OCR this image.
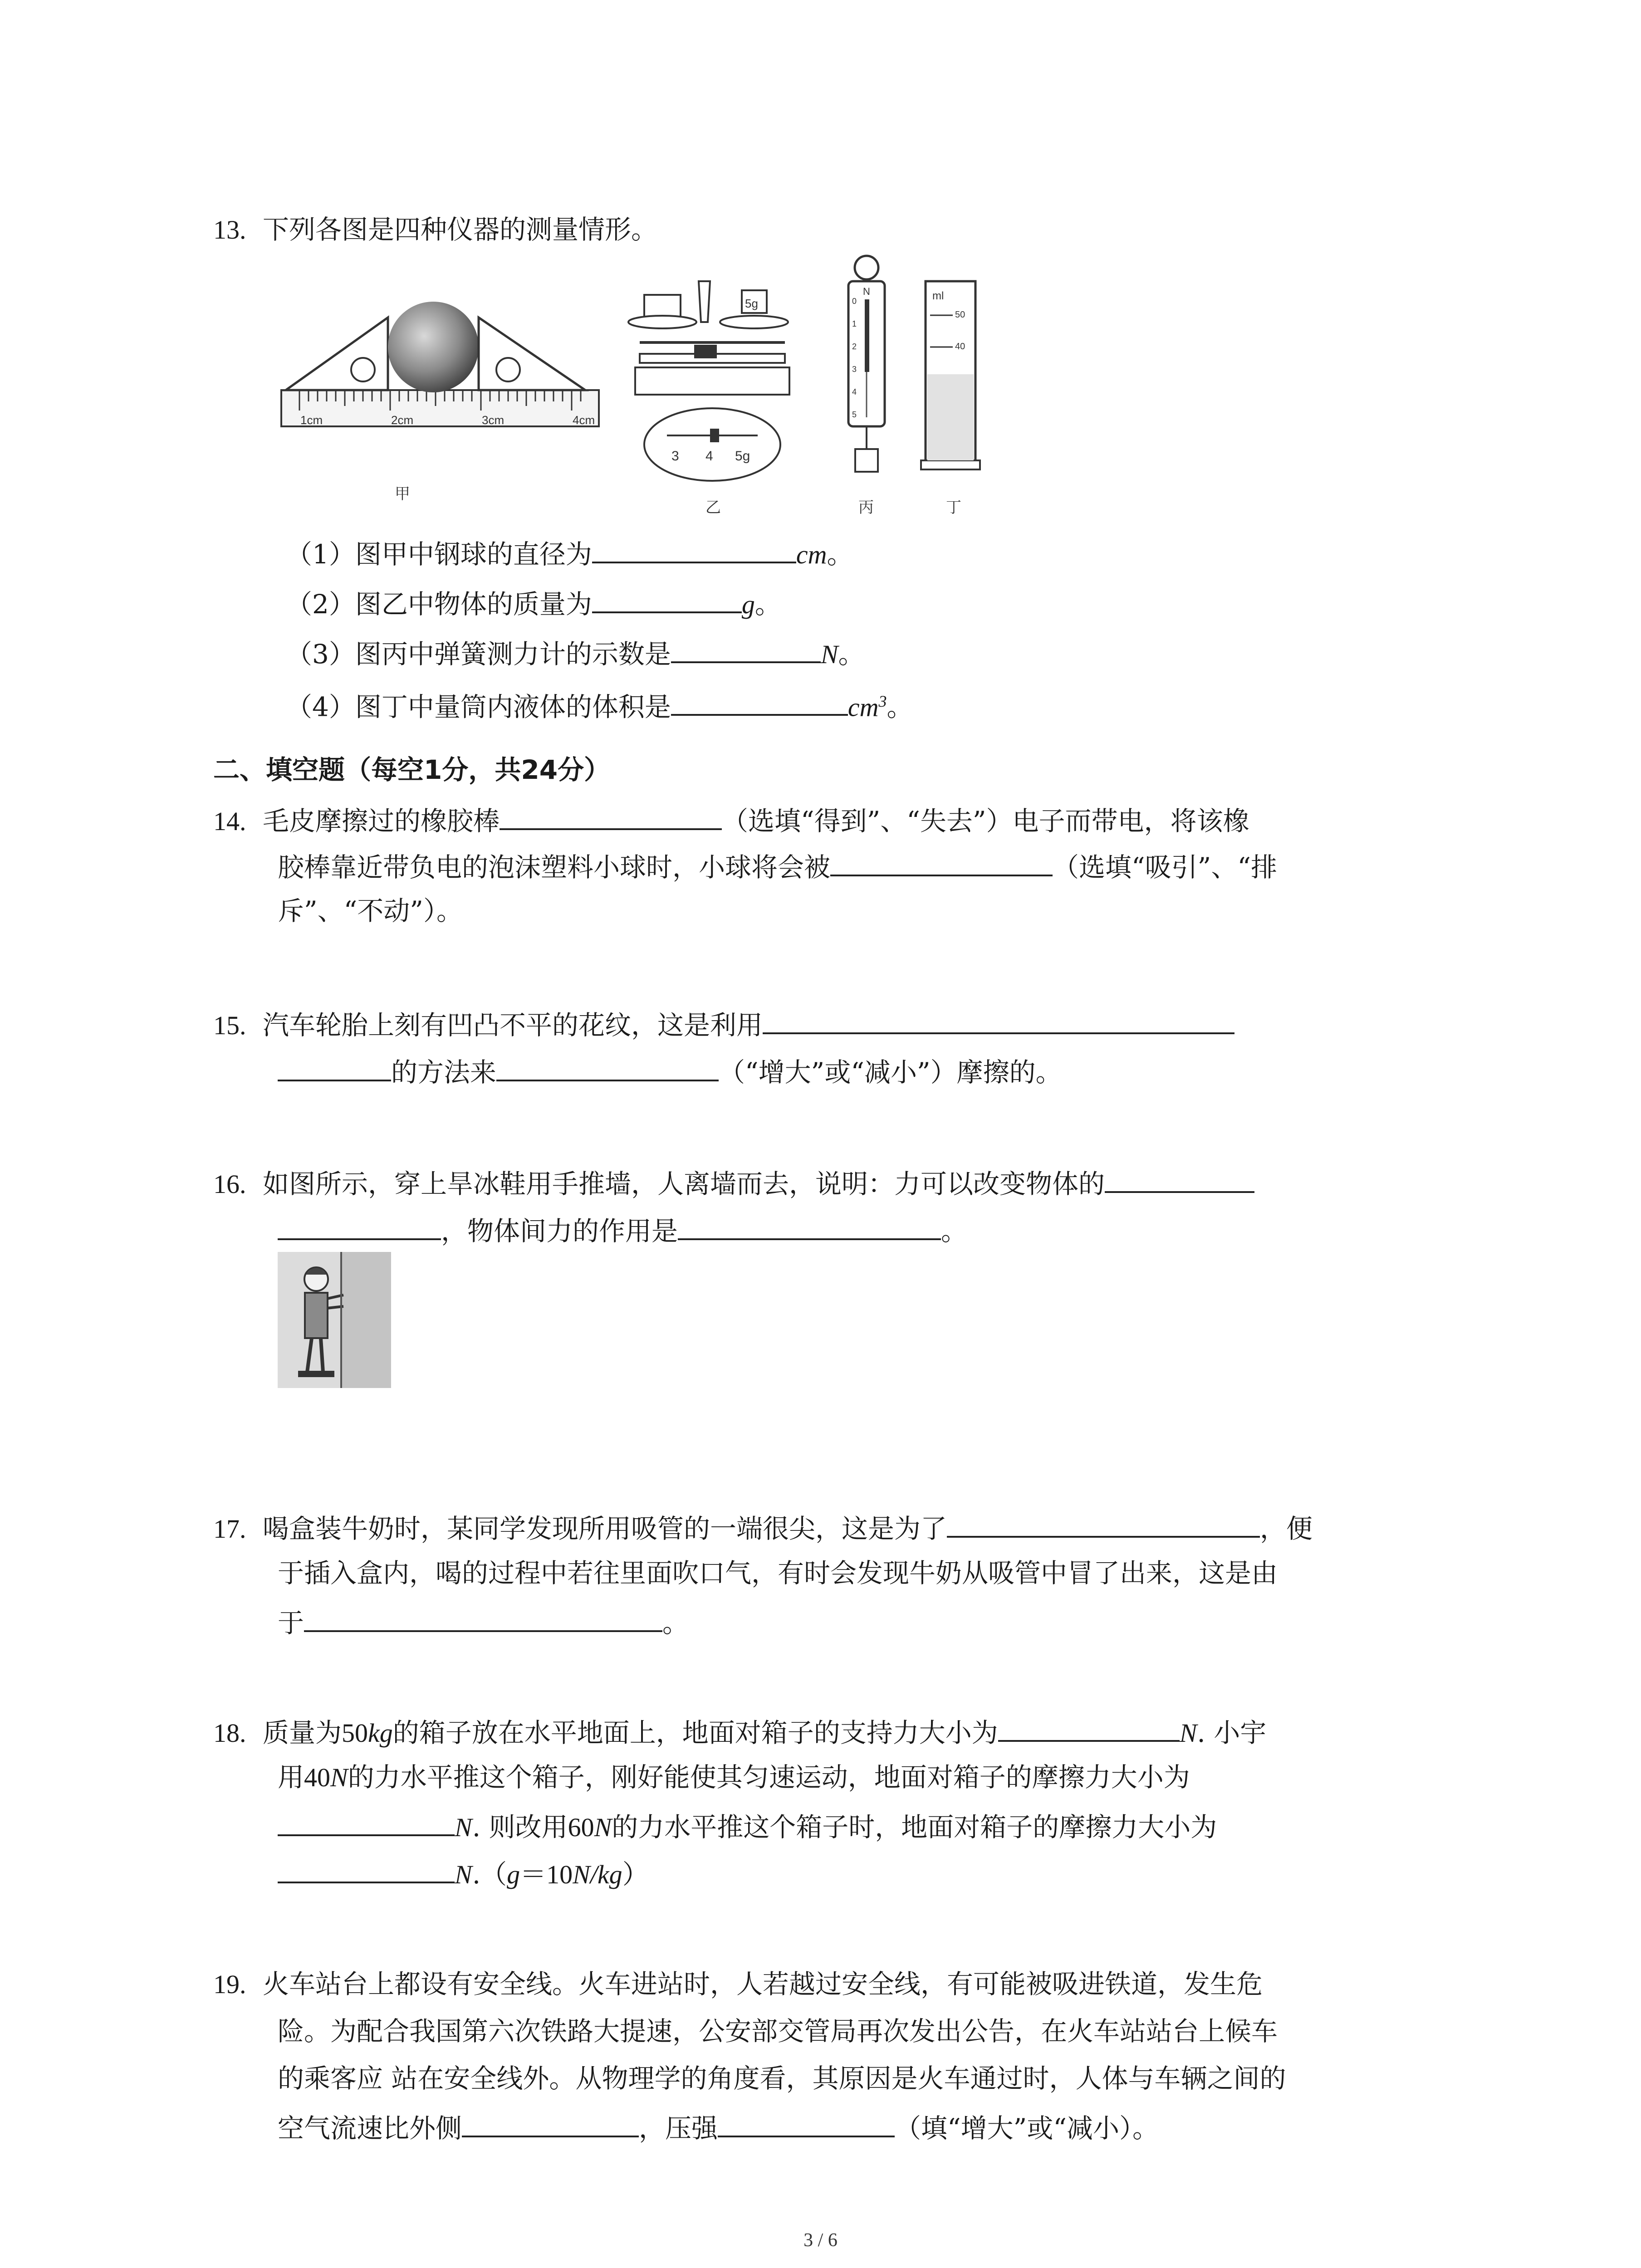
13. 下列各图是四种仪器的测量情形。
1cm	2cm	3cm	4cm
甲
5g
3 4 5g
乙
N
0
1
2
3
4
5
丙
ml
50
40
丁
（1）图甲中钢球的直径为	cm。
（2）图乙中物体的质量为	g。
（3）图丙中弹簧测力计的示数是	N。
（4）图丁中量筒内液体的体积是	$cm^3$。
二、填空题（每空1分，共24分）
14. 毛皮摩擦过的橡胶棒	（选填“得到”、“失去”）电子而带电，将该橡
胶棒靠近带负电的泡沫塑料小球时，小球将会被	（选填“吸引”、“排
斥”、“不动”）。
15. 汽车轮胎上刻有凹凸不平的花纹，这是利用
的方法来	（“增大”或“减小”）摩擦的。
16. 如图所示，穿上旱冰鞋用手推墙，人离墙而去，说明：力可以改变物体的
，物体间力的作用是	。
17. 喝盒装牛奶时，某同学发现所用吸管的一端很尖，这是为了	，便
于插入盒内，喝的过程中若往里面吹口气，有时会发现牛奶从吸管中冒了出来，这是由
于	。
18. 质量为50kg的箱子放在水平地面上，地面对箱子的支持力大小为	N. 小宇
用40N的力水平推这个箱子，刚好能使其匀速运动，地面对箱子的摩擦力大小为
N. 则改用60N的力水平推这个箱子时，地面对箱子的摩擦力大小为
N.（g＝10N/kg）
19. 火车站台上都设有安全线。火车进站时，人若越过安全线，有可能被吸进铁道，发生危
险。为配合我国第六次铁路大提速，公安部交管局再次发出公告，在火车站站台上候车
的乘客应 站在安全线外。从物理学的角度看，其原因是火车通过时，人体与车辆之间的
空气流速比外侧	，压强	（填“增大”或“减小）。
3 / 6
